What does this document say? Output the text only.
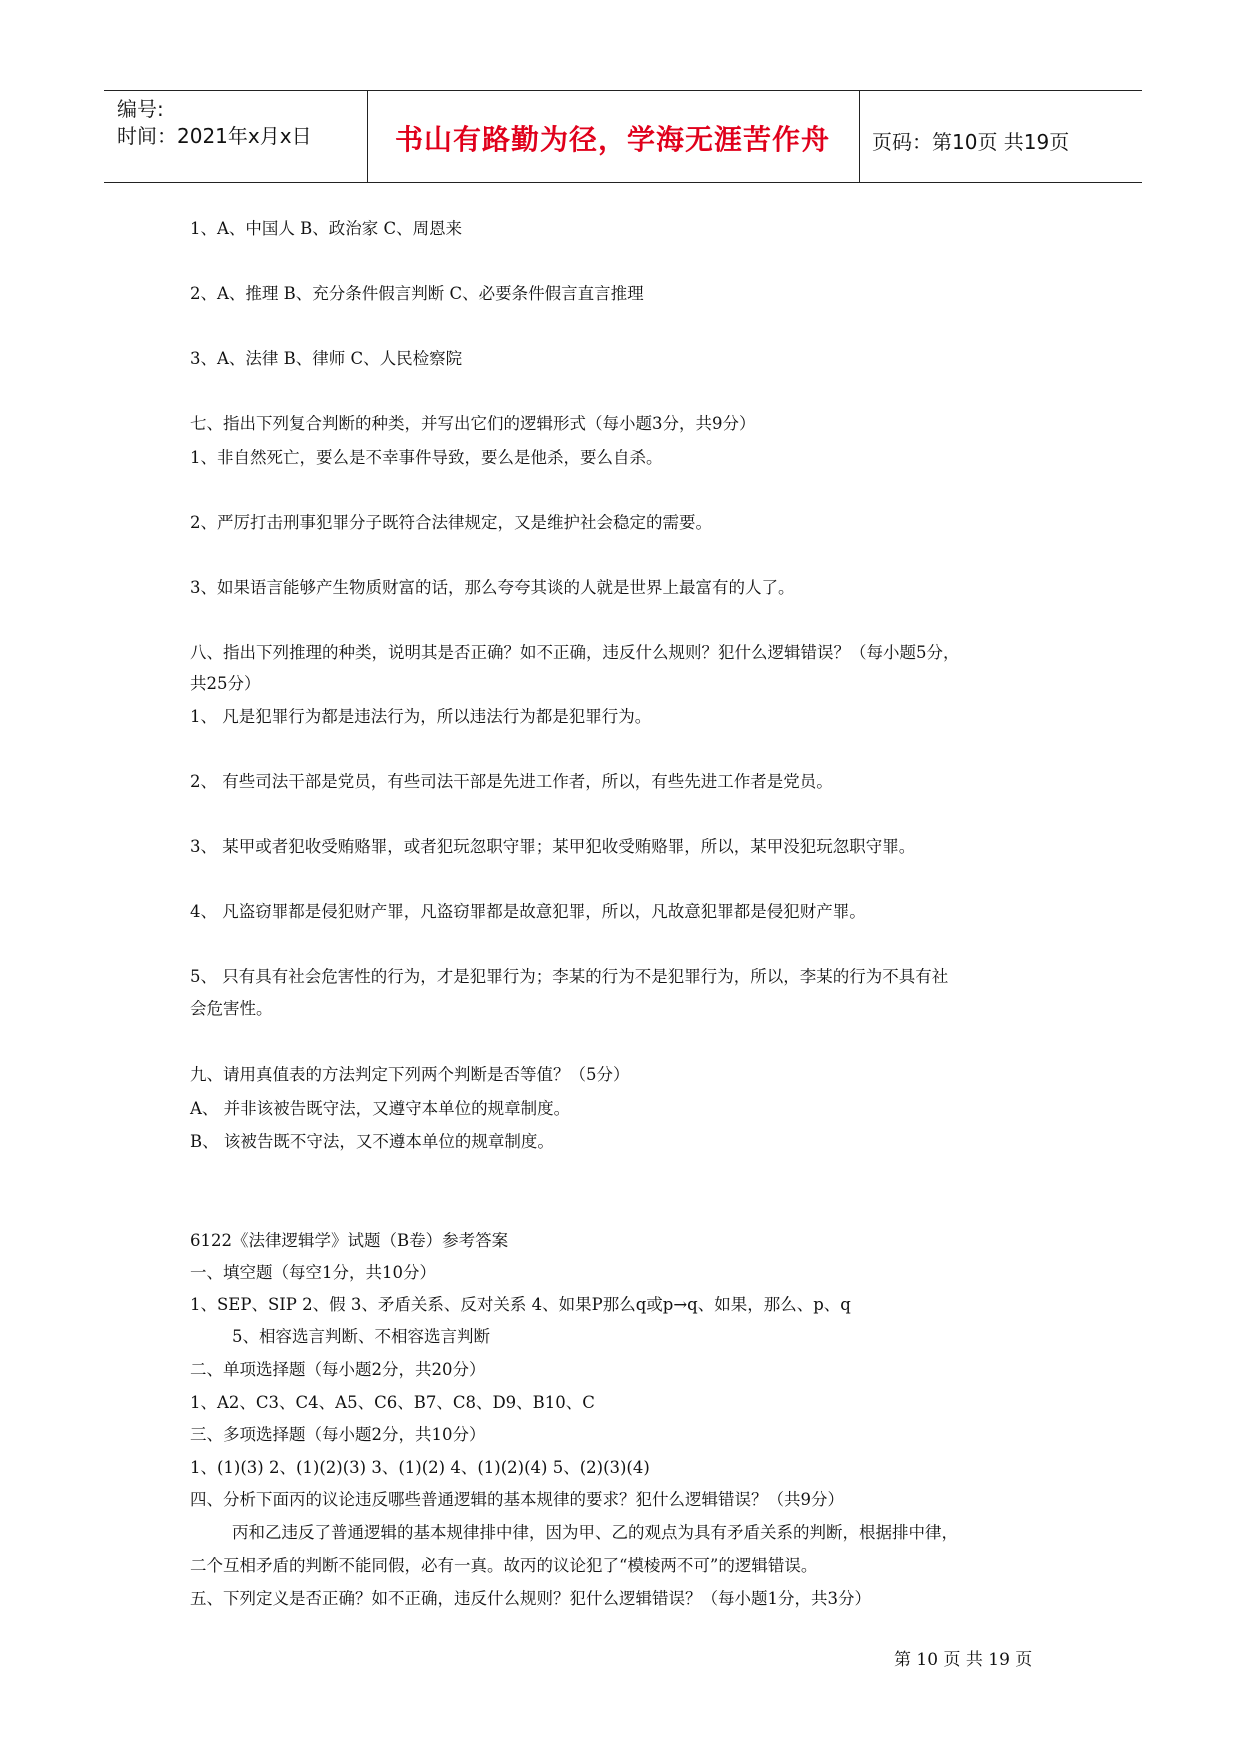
编号:
时间：2021年x月x日	书山有路勤为径，学海无涯苦作舟 页码：第10页 共19页
1、A、中国人 B、政治家 C、周恩来
2、A、推理 B、充分条件假言判断 C、必要条件假言直言推理
3、A、法律 B、律师 C、人民检察院
七、指出下列复合判断的种类，并写出它们的逻辑形式（每小题3分，共9分）
1、非自然死亡，要么是不幸事件导致，要么是他杀，要么自杀。
2、严厉打击刑事犯罪分子既符合法律规定，又是维护社会稳定的需要。
3、如果语言能够产生物质财富的话，那么夸夸其谈的人就是世界上最富有的人了。
八、指出下列推理的种类，说明其是否正确？如不正确，违反什么规则？犯什么逻辑错误？（每小题5分，
共25分）
1、 凡是犯罪行为都是违法行为，所以违法行为都是犯罪行为。
2、 有些司法干部是党员，有些司法干部是先进工作者，所以，有些先进工作者是党员。
3、 某甲或者犯收受贿赂罪，或者犯玩忽职守罪；某甲犯收受贿赂罪，所以，某甲没犯玩忽职守罪。
4、 凡盗窃罪都是侵犯财产罪，凡盗窃罪都是故意犯罪，所以，凡故意犯罪都是侵犯财产罪。
5、 只有具有社会危害性的行为，才是犯罪行为；李某的行为不是犯罪行为，所以，李某的行为不具有社
会危害性。
九、请用真值表的方法判定下列两个判断是否等值？（5分）
A、 并非该被告既守法，又遵守本单位的规章制度。
B、 该被告既不守法，又不遵本单位的规章制度。
6122《法律逻辑学》试题（B卷）参考答案
一、填空题（每空1分，共10分）
1、SEP、SIP 2、假 3、矛盾关系、反对关系 4、如果P那么q或p→q、如果，那么、p、q
5、相容选言判断、不相容选言判断
二、单项选择题（每小题2分，共20分）
1、A2、C3、C4、A5、C6、B7、C8、D9、B10、C
三、多项选择题（每小题2分，共10分）
1、(1)(3) 2、(1)(2)(3) 3、(1)(2) 4、(1)(2)(4) 5、(2)(3)(4)
四、分析下面丙的议论违反哪些普通逻辑的基本规律的要求？犯什么逻辑错误？（共9分）
丙和乙违反了普通逻辑的基本规律排中律，因为甲、乙的观点为具有矛盾关系的判断，根据排中律，
二个互相矛盾的判断不能同假，必有一真。故丙的议论犯了“模棱两不可”的逻辑错误。
五、下列定义是否正确？如不正确，违反什么规则？犯什么逻辑错误？（每小题1分，共3分）
第 10 页 共 19 页
